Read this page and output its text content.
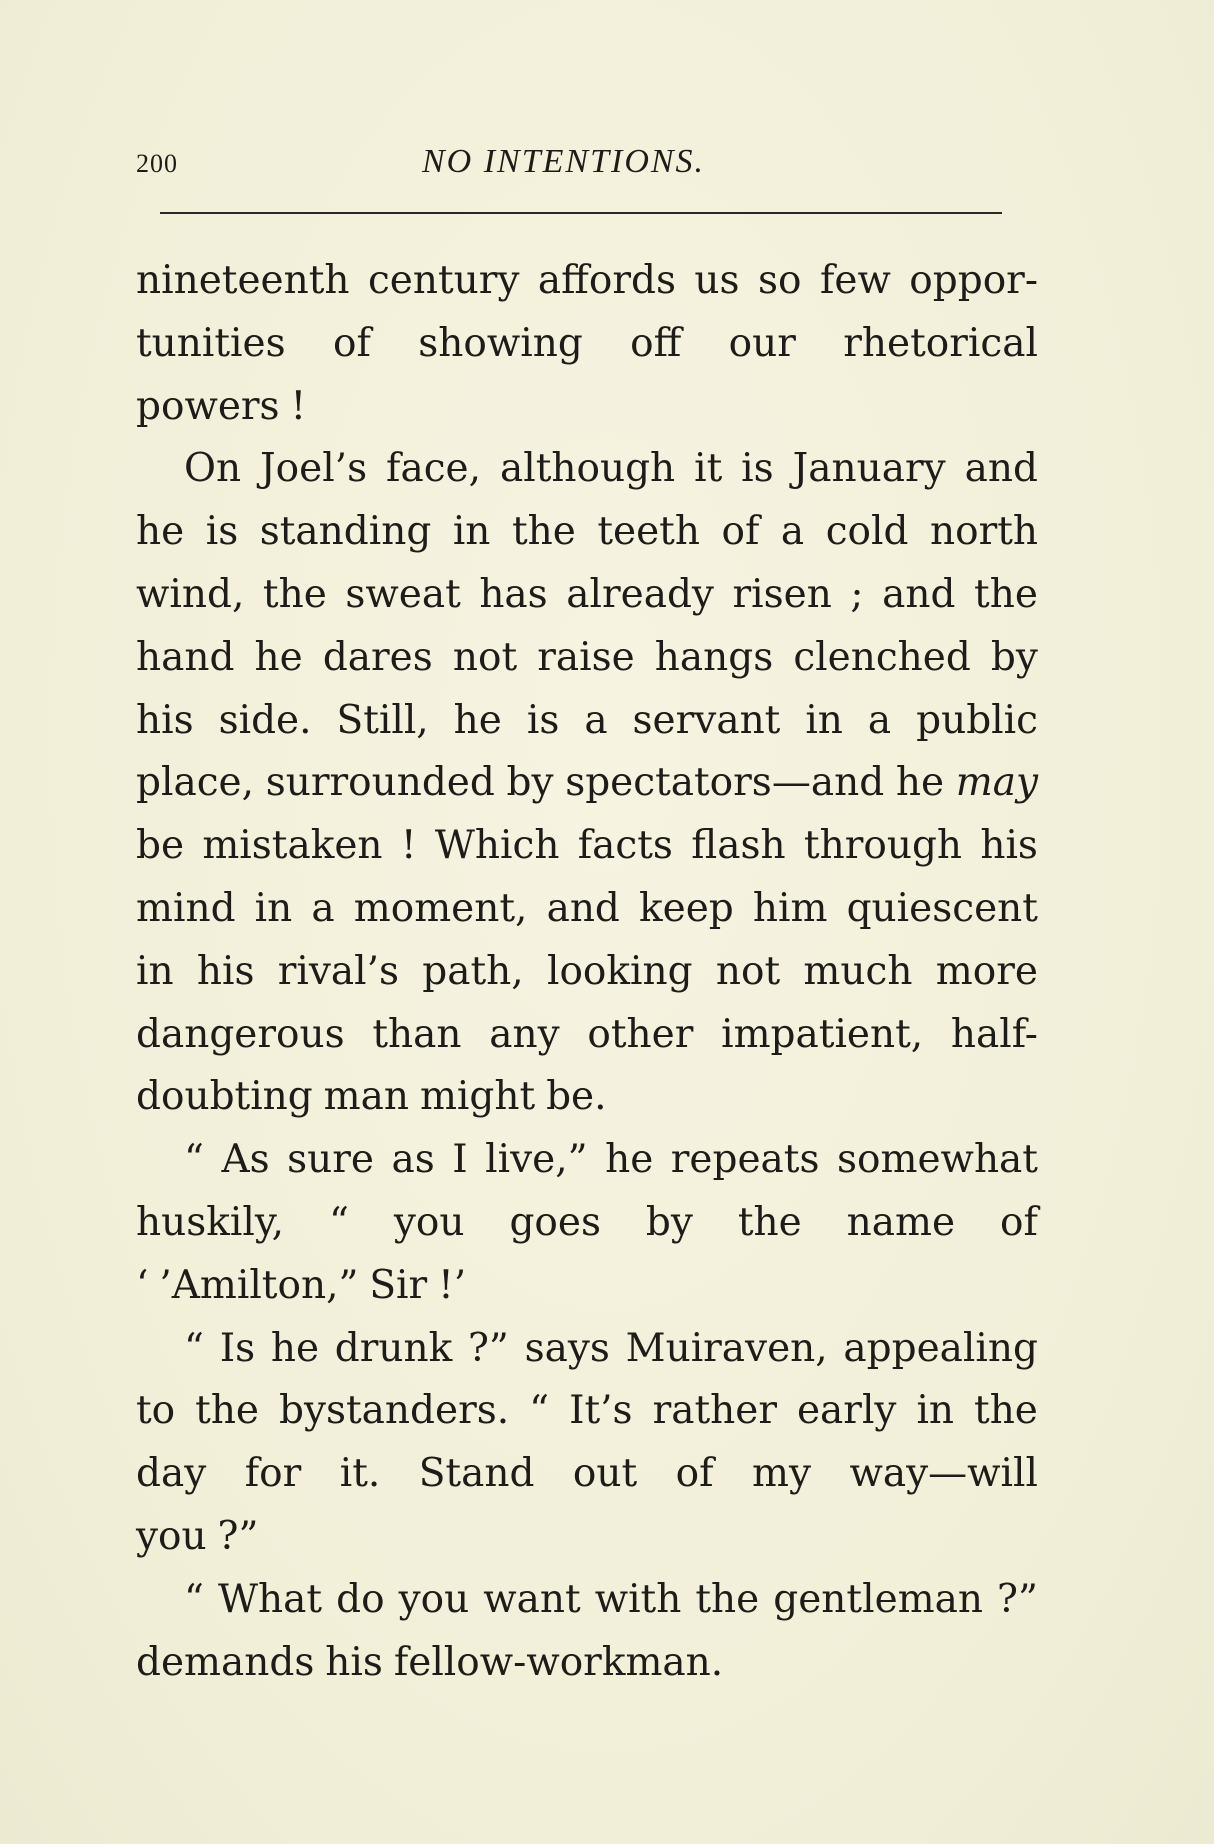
200	NO INTENTIONS.
nineteenth century affords us so few oppor-
tunities of showing off our rhetorical
powers !
On Joel’s face, although it is January and
he is standing in the teeth of a cold north
wind, the sweat has already risen ; and the
hand he dares not raise hangs clenched by
his side. Still, he is a servant in a public
place, surrounded by spectators—and he may
be mistaken ! Which facts flash through his
mind in a moment, and keep him quiescent
in his rival’s path, looking not much more
dangerous than any other impatient, half-
doubting man might be.
“ As sure as I live,” he repeats somewhat
huskily, “ you goes by the name of
‘ ’Amilton,” Sir !’
“ Is he drunk ?” says Muiraven, appealing
to the bystanders. “ It’s rather early in the
day for it. Stand out of my way—will
you ?”
“ What do you want with the gentleman ?”
demands his fellow-workman.
